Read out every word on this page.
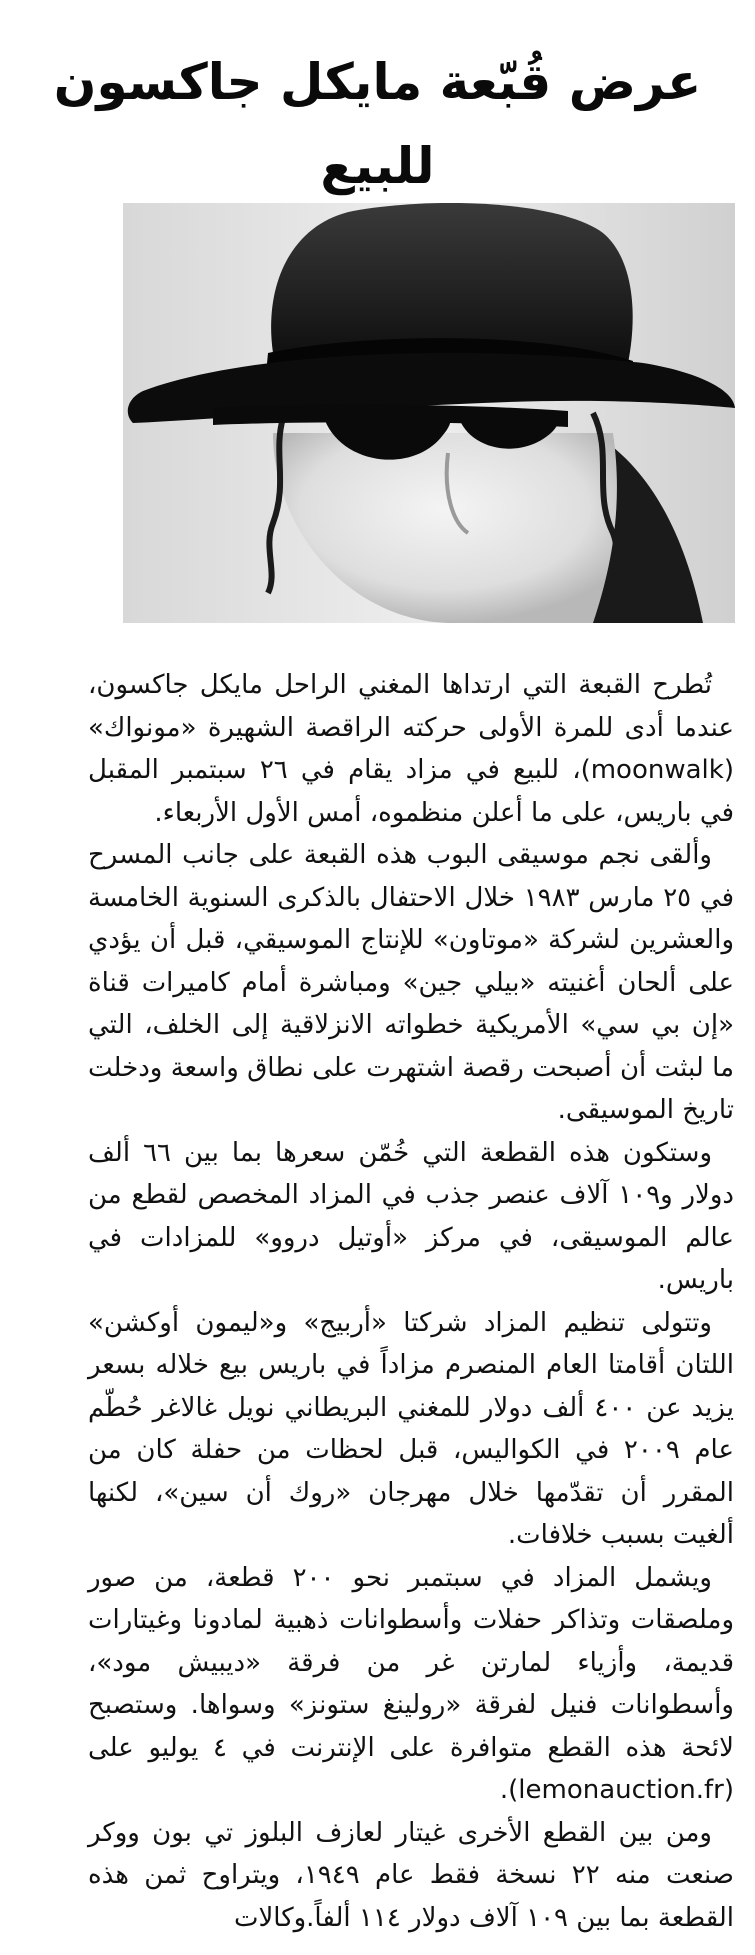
عرض قُبّعة مايكل جاكسون للبيع

تُطرح القبعة التي ارتداها المغني الراحل مايكل جاكسون، عندما أدى للمرة الأولى حركته الراقصة الشهيرة «مونواك» (moonwalk)، للبيع في مزاد يقام في ٢٦ سبتمبر المقبل في باريس، على ما أعلن منظموه، أمس الأول الأربعاء.

وألقى نجم موسيقى البوب هذه القبعة على جانب المسرح في ٢٥ مارس ١٩٨٣ خلال الاحتفال بالذكرى السنوية الخامسة والعشرين لشركة «موتاون» للإنتاج الموسيقي، قبل أن يؤدي على ألحان أغنيته «بيلي جين» ومباشرة أمام كاميرات قناة «إن بي سي» الأمريكية خطواته الانزلاقية إلى الخلف، التي ما لبثت أن أصبحت رقصة اشتهرت على نطاق واسعة ودخلت تاريخ الموسيقى.

وستكون هذه القطعة التي خُمّن سعرها بما بين ٦٦ ألف دولار و١٠٩ آلاف عنصر جذب في المزاد المخصص لقطع من عالم الموسيقى، في مركز «أوتيل دروو» للمزادات في باريس.

وتتولى تنظيم المزاد شركتا «أربيج» و«ليمون أوكشن» اللتان أقامتا العام المنصرم مزاداً في باريس بيع خلاله بسعر يزيد عن ٤٠٠ ألف دولار للمغني البريطاني نويل غالاغر حُطّم عام ٢٠٠٩ في الكواليس، قبل لحظات من حفلة كان من المقرر أن تقدّمها خلال مهرجان «روك أن سين»، لكنها ألغيت بسبب خلافات.

ويشمل المزاد في سبتمبر نحو ٢٠٠ قطعة، من صور وملصقات وتذاكر حفلات وأسطوانات ذهبية لمادونا وغيتارات قديمة، وأزياء لمارتن غر من فرقة «ديبيش مود»، وأسطوانات فنيل لفرقة «رولينغ ستونز» وسواها. وستصبح لائحة هذه القطع متوافرة على الإنترنت في ٤ يوليو على (lemonauction.fr).

ومن بين القطع الأخرى غيتار لعازف البلوز تي بون ووكر صنعت منه ٢٢ نسخة فقط عام ١٩٤٩، ويتراوح ثمن هذه القطعة بما بين ١٠٩ آلاف دولار ١١٤ ألفاً.وكالات
